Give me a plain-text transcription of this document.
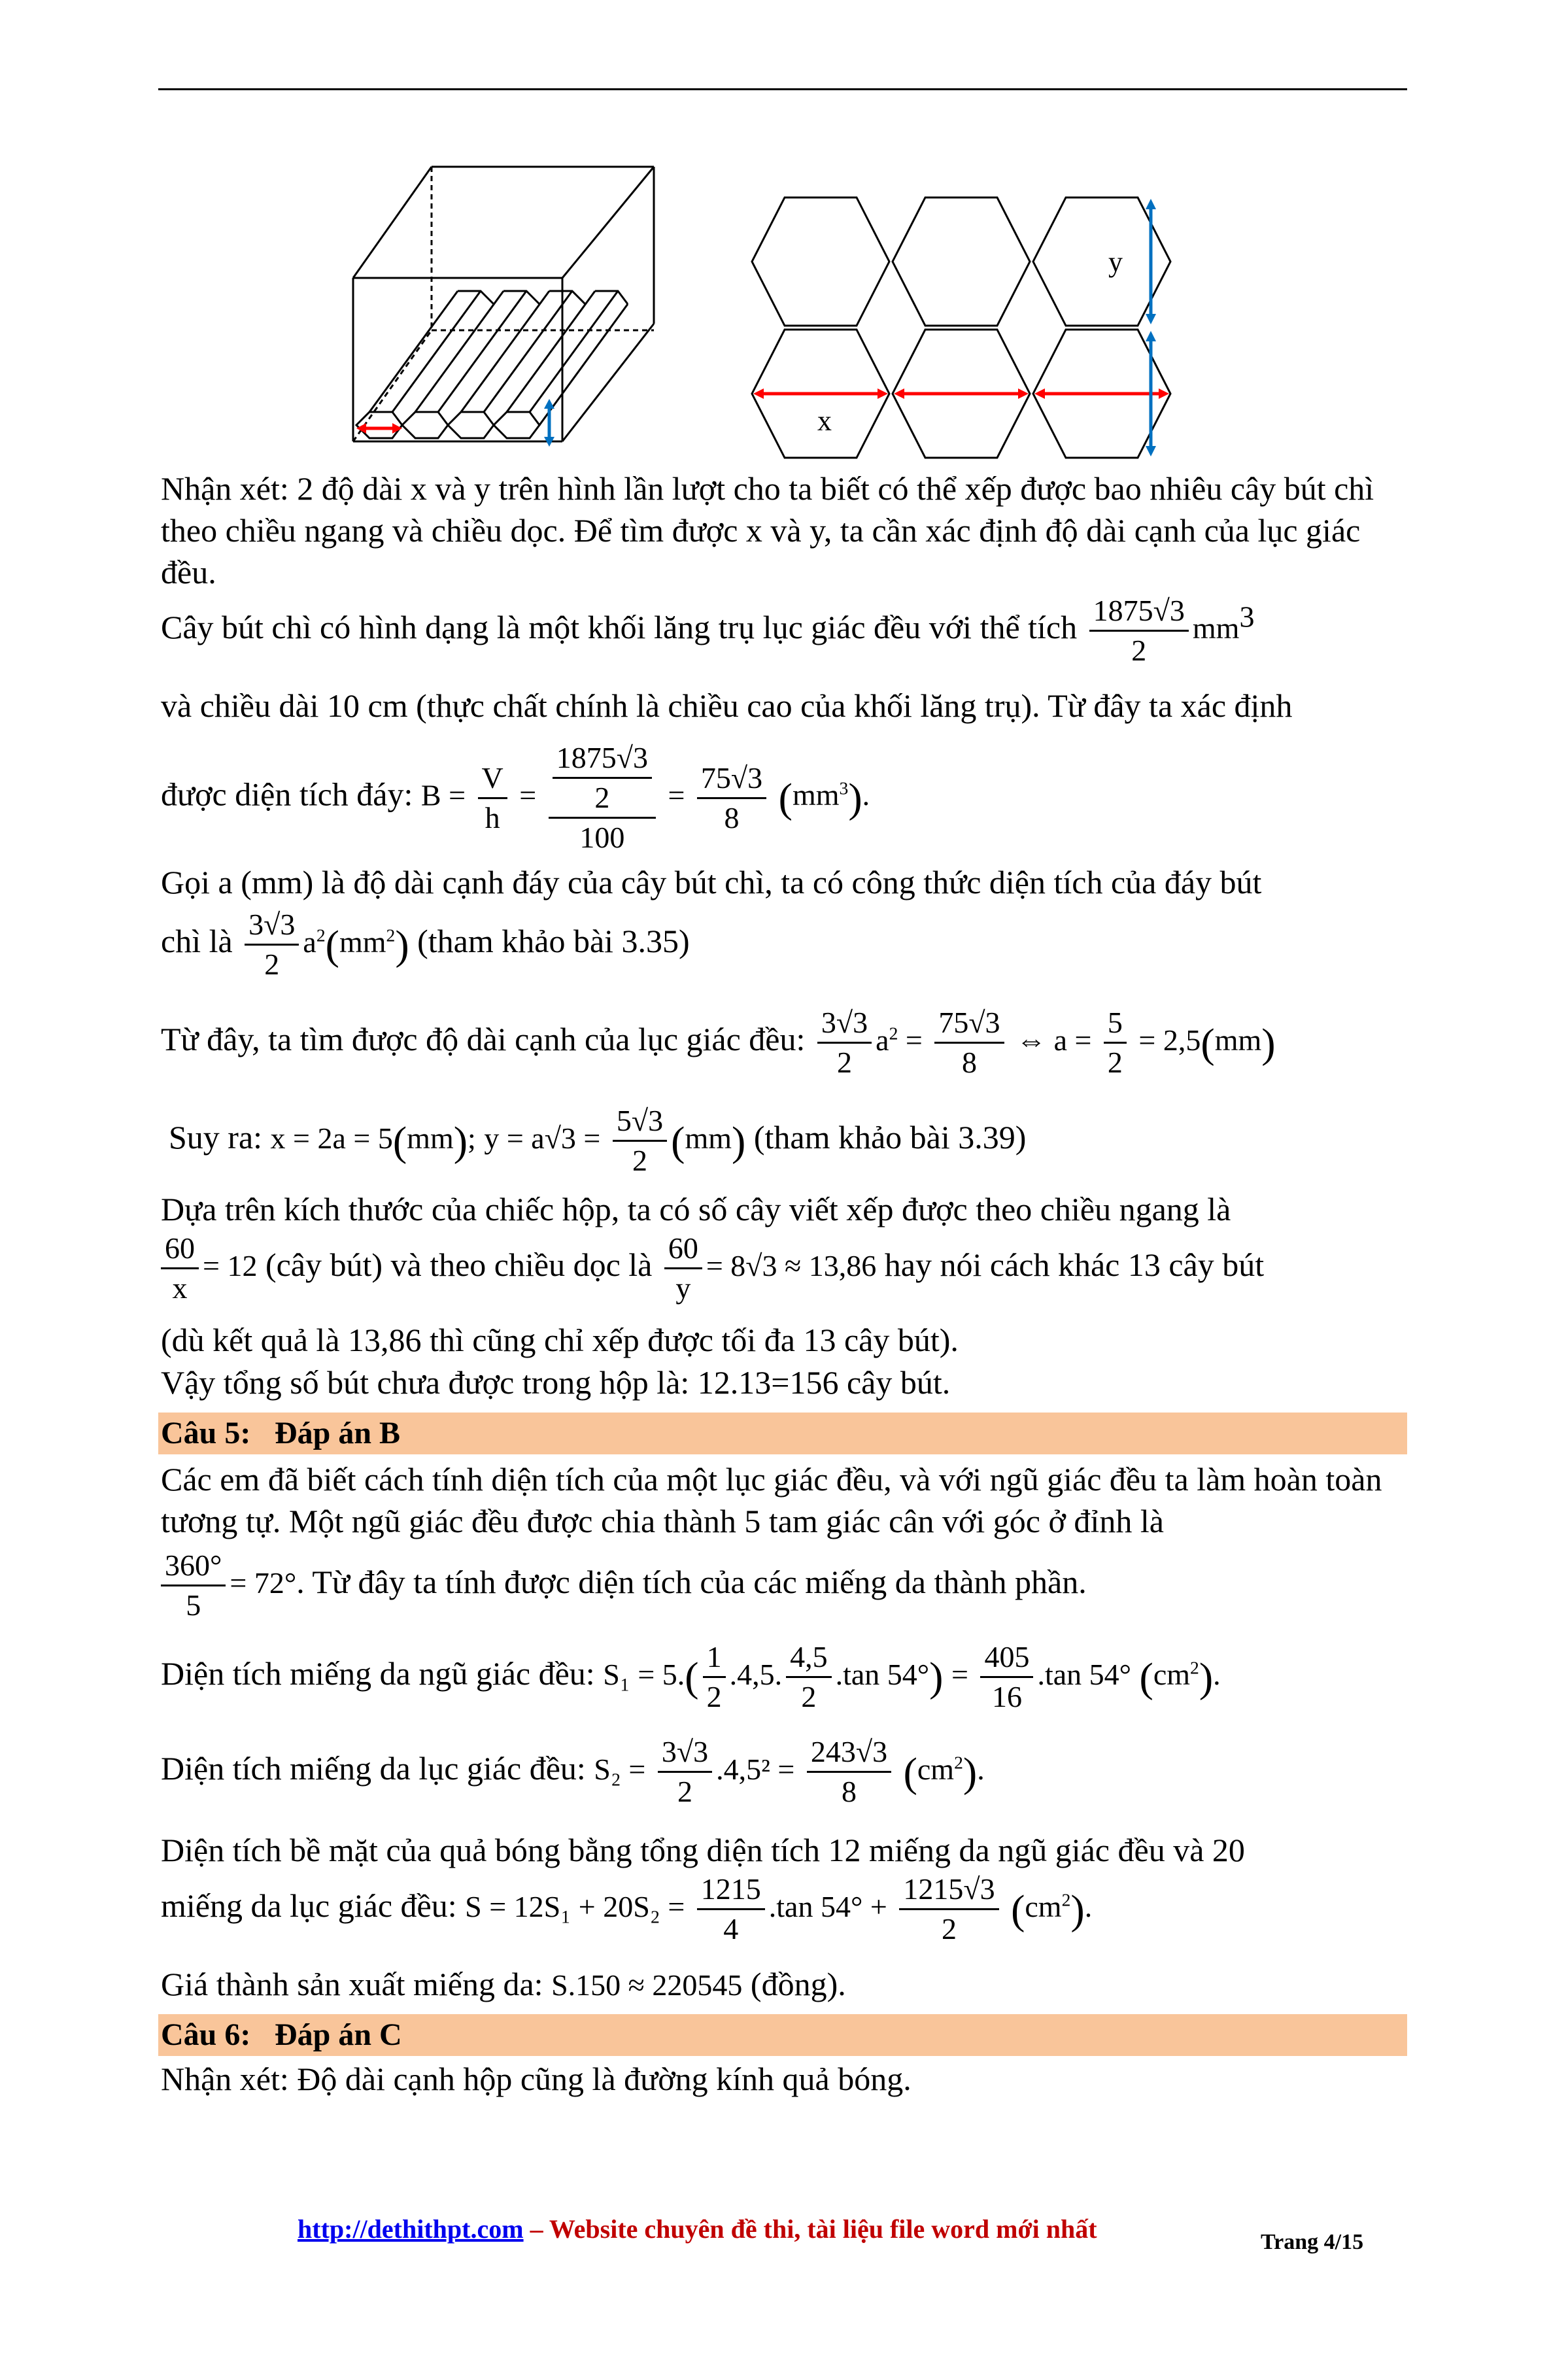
y
x
Nhận xét: 2 độ dài x và y trên hình lần lượt cho ta biết có thể xếp được bao nhiêu cây bút chì theo chiều ngang và chiều dọc. Để tìm được x và y, ta cần xác định độ dài cạnh của lục giác đều.
Cây bút chì có hình dạng là một khối lăng trụ lục giác đều với thể tích $\frac{1875√3}{2} mm^3$
và chiều dài 10 cm (thực chất chính là chiều cao của khối lăng trụ). Từ đây ta xác định
được diện tích đáy: $B = \frac{V}{h} = \frac{\frac{1875√3}{2}}{100} = \frac{75√3}{8} (mm^3)$.
Gọi a (mm) là độ dài cạnh đáy của cây bút chì, ta có công thức diện tích của đáy bút
chì là $\frac{3√3}{2} a^2(mm^2)$ (tham khảo bài 3.35)
Từ đây, ta tìm được độ dài cạnh của lục giác đều: $\frac{3√3}{2} a^2 = \frac{75√3}{8}$ ⇔ $a = \frac{5}{2} = 2,5(mm)$
Suy ra: x = 2a = 5(mm); $y = a√3 = \frac{5√3}{2} (mm)$ (tham khảo bài 3.39)
Dựa trên kích thước của chiếc hộp, ta có số cây viết xếp được theo chiều ngang là
$\frac{60}{x} = 12$ (cây bút) và theo chiều dọc là $\frac{60}{y} = 8√3 \approx 13,86$ hay nói cách khác 13 cây bút
(dù kết quả là 13,86 thì cũng chỉ xếp được tối đa 13 cây bút).
Vậy tổng số bút chưa được trong hộp là: 12.13=156 cây bút.
Câu 5: Đáp án B
Các em đã biết cách tính diện tích của một lục giác đều, và với ngũ giác đều ta làm hoàn toàn tương tự. Một ngũ giác đều được chia thành 5 tam giác cân với góc ở đỉnh là
$\frac{360^\circ}{5} = 72^\circ$. Từ đây ta tính được diện tích của các miếng da thành phần.
Diện tích miếng da ngũ giác đều: $S_1 = 5.( \frac{1}{2} .4,5$. $\frac{4,5}{2} .\tan$ $54^\circ) = \frac{405}{16} .\tan$ 54° $(cm^2)$.
Diện tích miếng da lục giác đều: $S_2 = \frac{3√3}{2} .4,5^2 = \frac{243√3}{8} (cm^2)$.
Diện tích bề mặt của quả bóng bằng tổng diện tích 12 miếng da ngũ giác đều và 20
miếng da lục giác đều: $S = 12S_1 + 20S_2 = \frac{1215}{4} .\tan$ $54^\circ + \frac{1215√3}{2} (cm^2)$.
Giá thành sản xuất miếng da: S.150 ≈ 220545 (đồng).
Câu 6: Đáp án C
Nhận xét: Độ dài cạnh hộp cũng là đường kính quả bóng.
http://dethithpt.com – Website chuyên đề thi, tài liệu file word mới nhất	Trang 4/15
